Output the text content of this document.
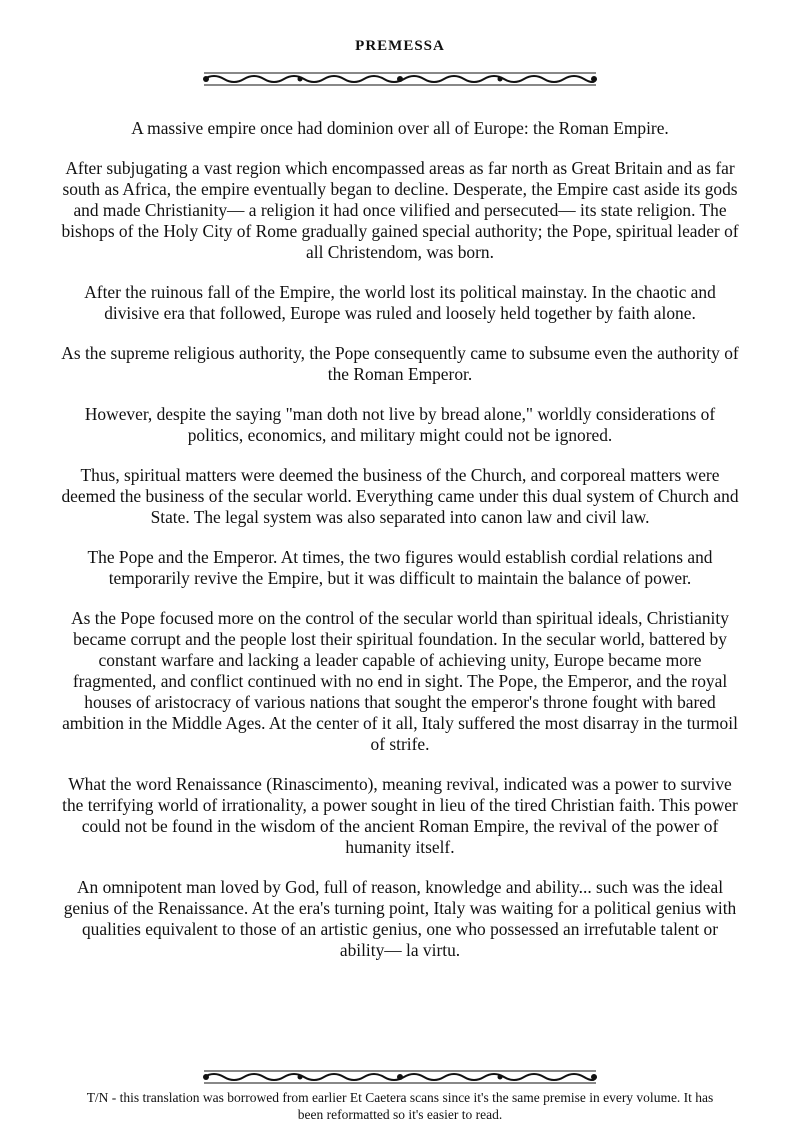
PREMESSA

A massive empire once had dominion over all of Europe: the Roman Empire.

After subjugating a vast region which encompassed areas as far north as Great Britain and as far south as Africa, the empire eventually began to decline. Desperate, the Empire cast aside its gods and made Christianity— a religion it had once vilified and persecuted— its state religion. The bishops of the Holy City of Rome gradually gained special authority; the Pope, spiritual leader of all Christendom, was born.

After the ruinous fall of the Empire, the world lost its political mainstay. In the chaotic and divisive era that followed, Europe was ruled and loosely held together by faith alone.

As the supreme religious authority, the Pope consequently came to subsume even the authority of the Roman Emperor.

However, despite the saying "man doth not live by bread alone," worldly considerations of politics, economics, and military might could not be ignored.

Thus, spiritual matters were deemed the business of the Church, and corporeal matters were deemed the business of the secular world. Everything came under this dual system of Church and State. The legal system was also separated into canon law and civil law.

The Pope and the Emperor. At times, the two figures would establish cordial relations and temporarily revive the Empire, but it was difficult to maintain the balance of power.

As the Pope focused more on the control of the secular world than spiritual ideals, Christianity became corrupt and the people lost their spiritual foundation. In the secular world, battered by constant warfare and lacking a leader capable of achieving unity, Europe became more fragmented, and conflict continued with no end in sight. The Pope, the Emperor, and the royal houses of aristocracy of various nations that sought the emperor's throne fought with bared ambition in the Middle Ages. At the center of it all, Italy suffered the most disarray in the turmoil of strife.

What the word Renaissance (Rinascimento), meaning revival, indicated was a power to survive the terrifying world of irrationality, a power sought in lieu of the tired Christian faith. This power could not be found in the wisdom of the ancient Roman Empire, the revival of the power of humanity itself.

An omnipotent man loved by God, full of reason, knowledge and ability... such was the ideal genius of the Renaissance. At the era's turning point, Italy was waiting for a political genius with qualities equivalent to those of an artistic genius, one who possessed an irrefutable talent or ability— la virtu.

T/N - this translation was borrowed from earlier Et Caetera scans since it's the same premise in every volume. It has been reformatted so it's easier to read.
